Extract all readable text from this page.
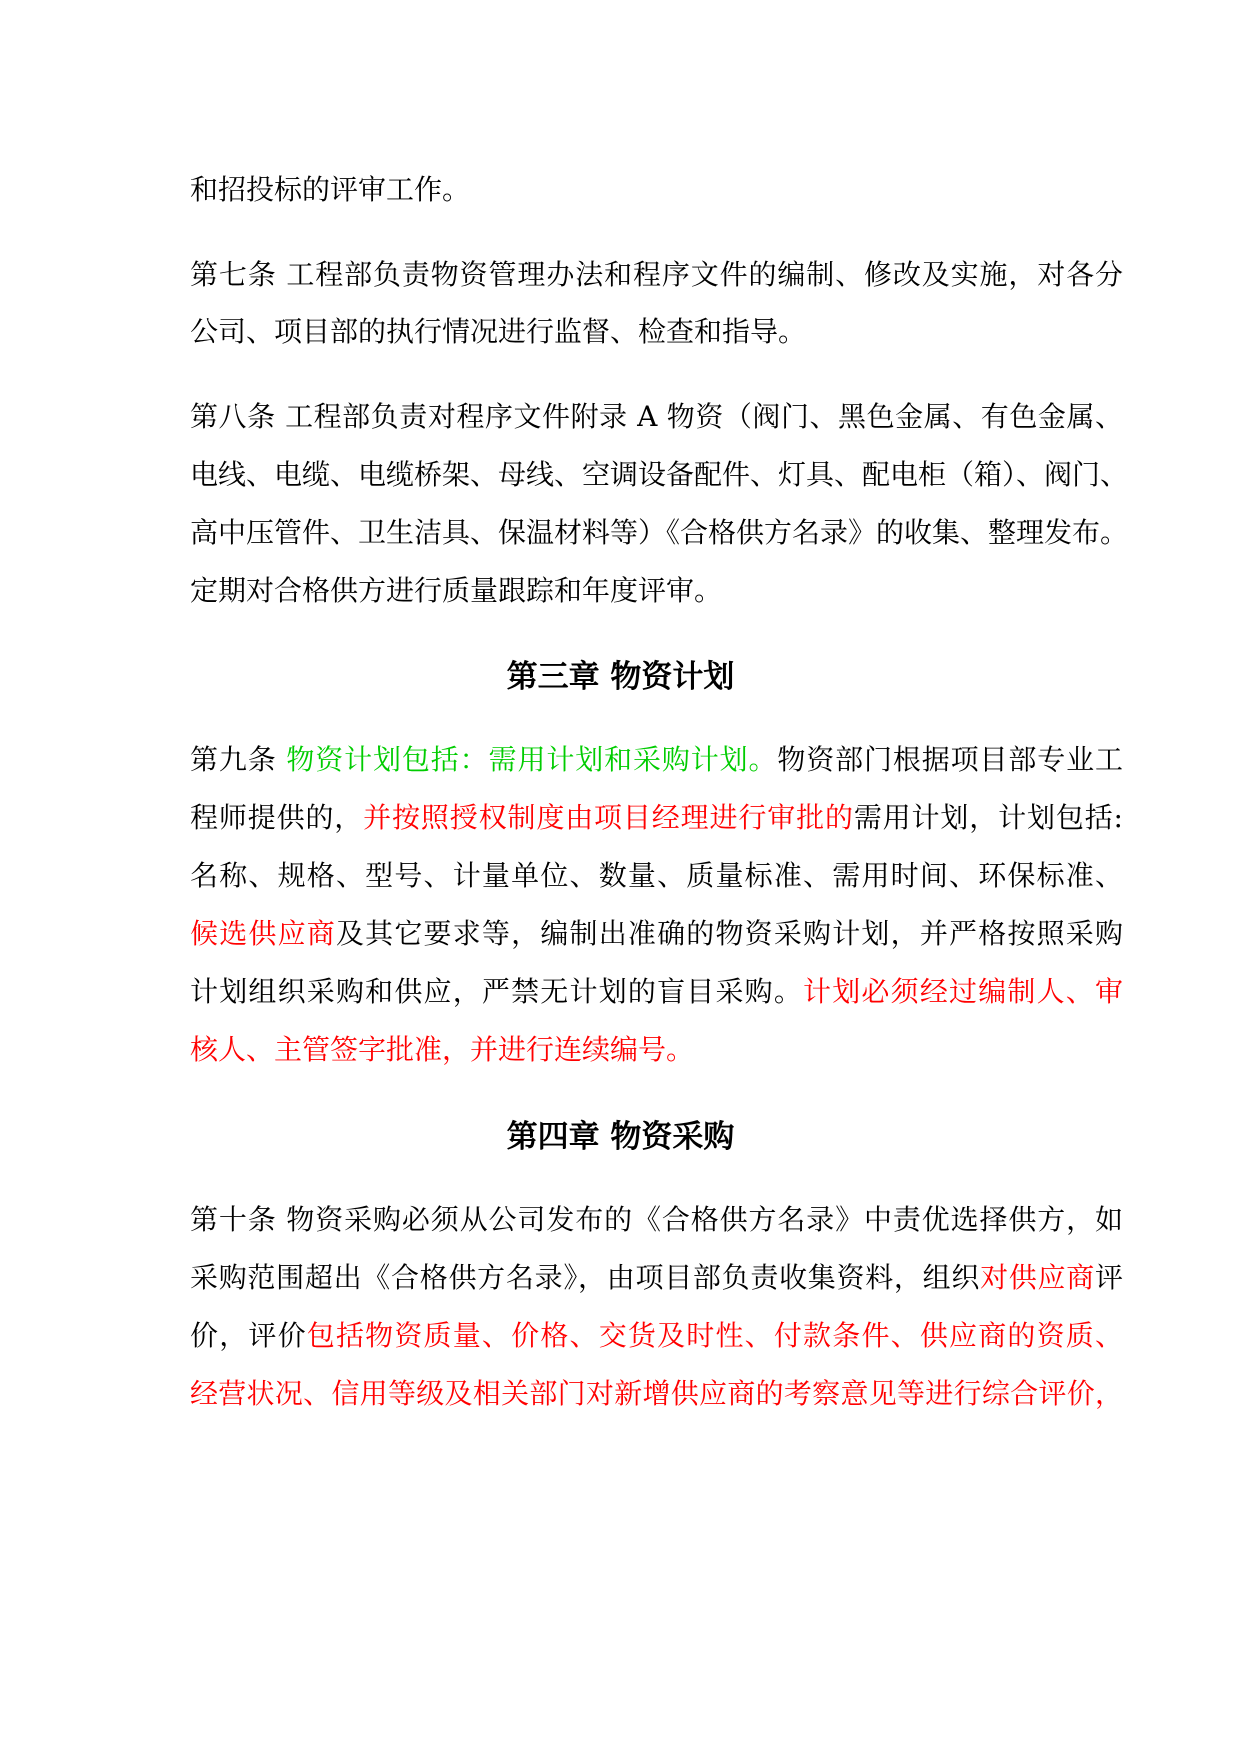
和招投标的评审工作。
第七条 工程部负责物资管理办法和程序文件的编制、修改及实施，对各分
公司、项目部的执行情况进行监督、检查和指导。
第八条 工程部负责对程序文件附录 A 物资（阀门、黑色金属、有色金属、
电线、电缆、电缆桥架、母线、空调设备配件、灯具、配电柜（箱）、阀门、
高中压管件、卫生洁具、保温材料等）《合格供方名录》的收集、整理发布。
定期对合格供方进行质量跟踪和年度评审。
第三章 物资计划
第九条 物资计划包括：需用计划和采购计划。物资部门根据项目部专业工
程师提供的，并按照授权制度由项目经理进行审批的需用计划，计划包括:
名称、规格、型号、计量单位、数量、质量标准、需用时间、环保标准、
候选供应商及其它要求等，编制出准确的物资采购计划，并严格按照采购
计划组织采购和供应，严禁无计划的盲目采购。计划必须经过编制人、审
核人、主管签字批准，并进行连续编号。
第四章 物资采购
第十条 物资采购必须从公司发布的《合格供方名录》中责优选择供方，如
采购范围超出《合格供方名录》，由项目部负责收集资料，组织对供应商评
价，评价包括物资质量、价格、交货及时性、付款条件、供应商的资质、
经营状况、信用等级及相关部门对新增供应商的考察意见等进行综合评价，
